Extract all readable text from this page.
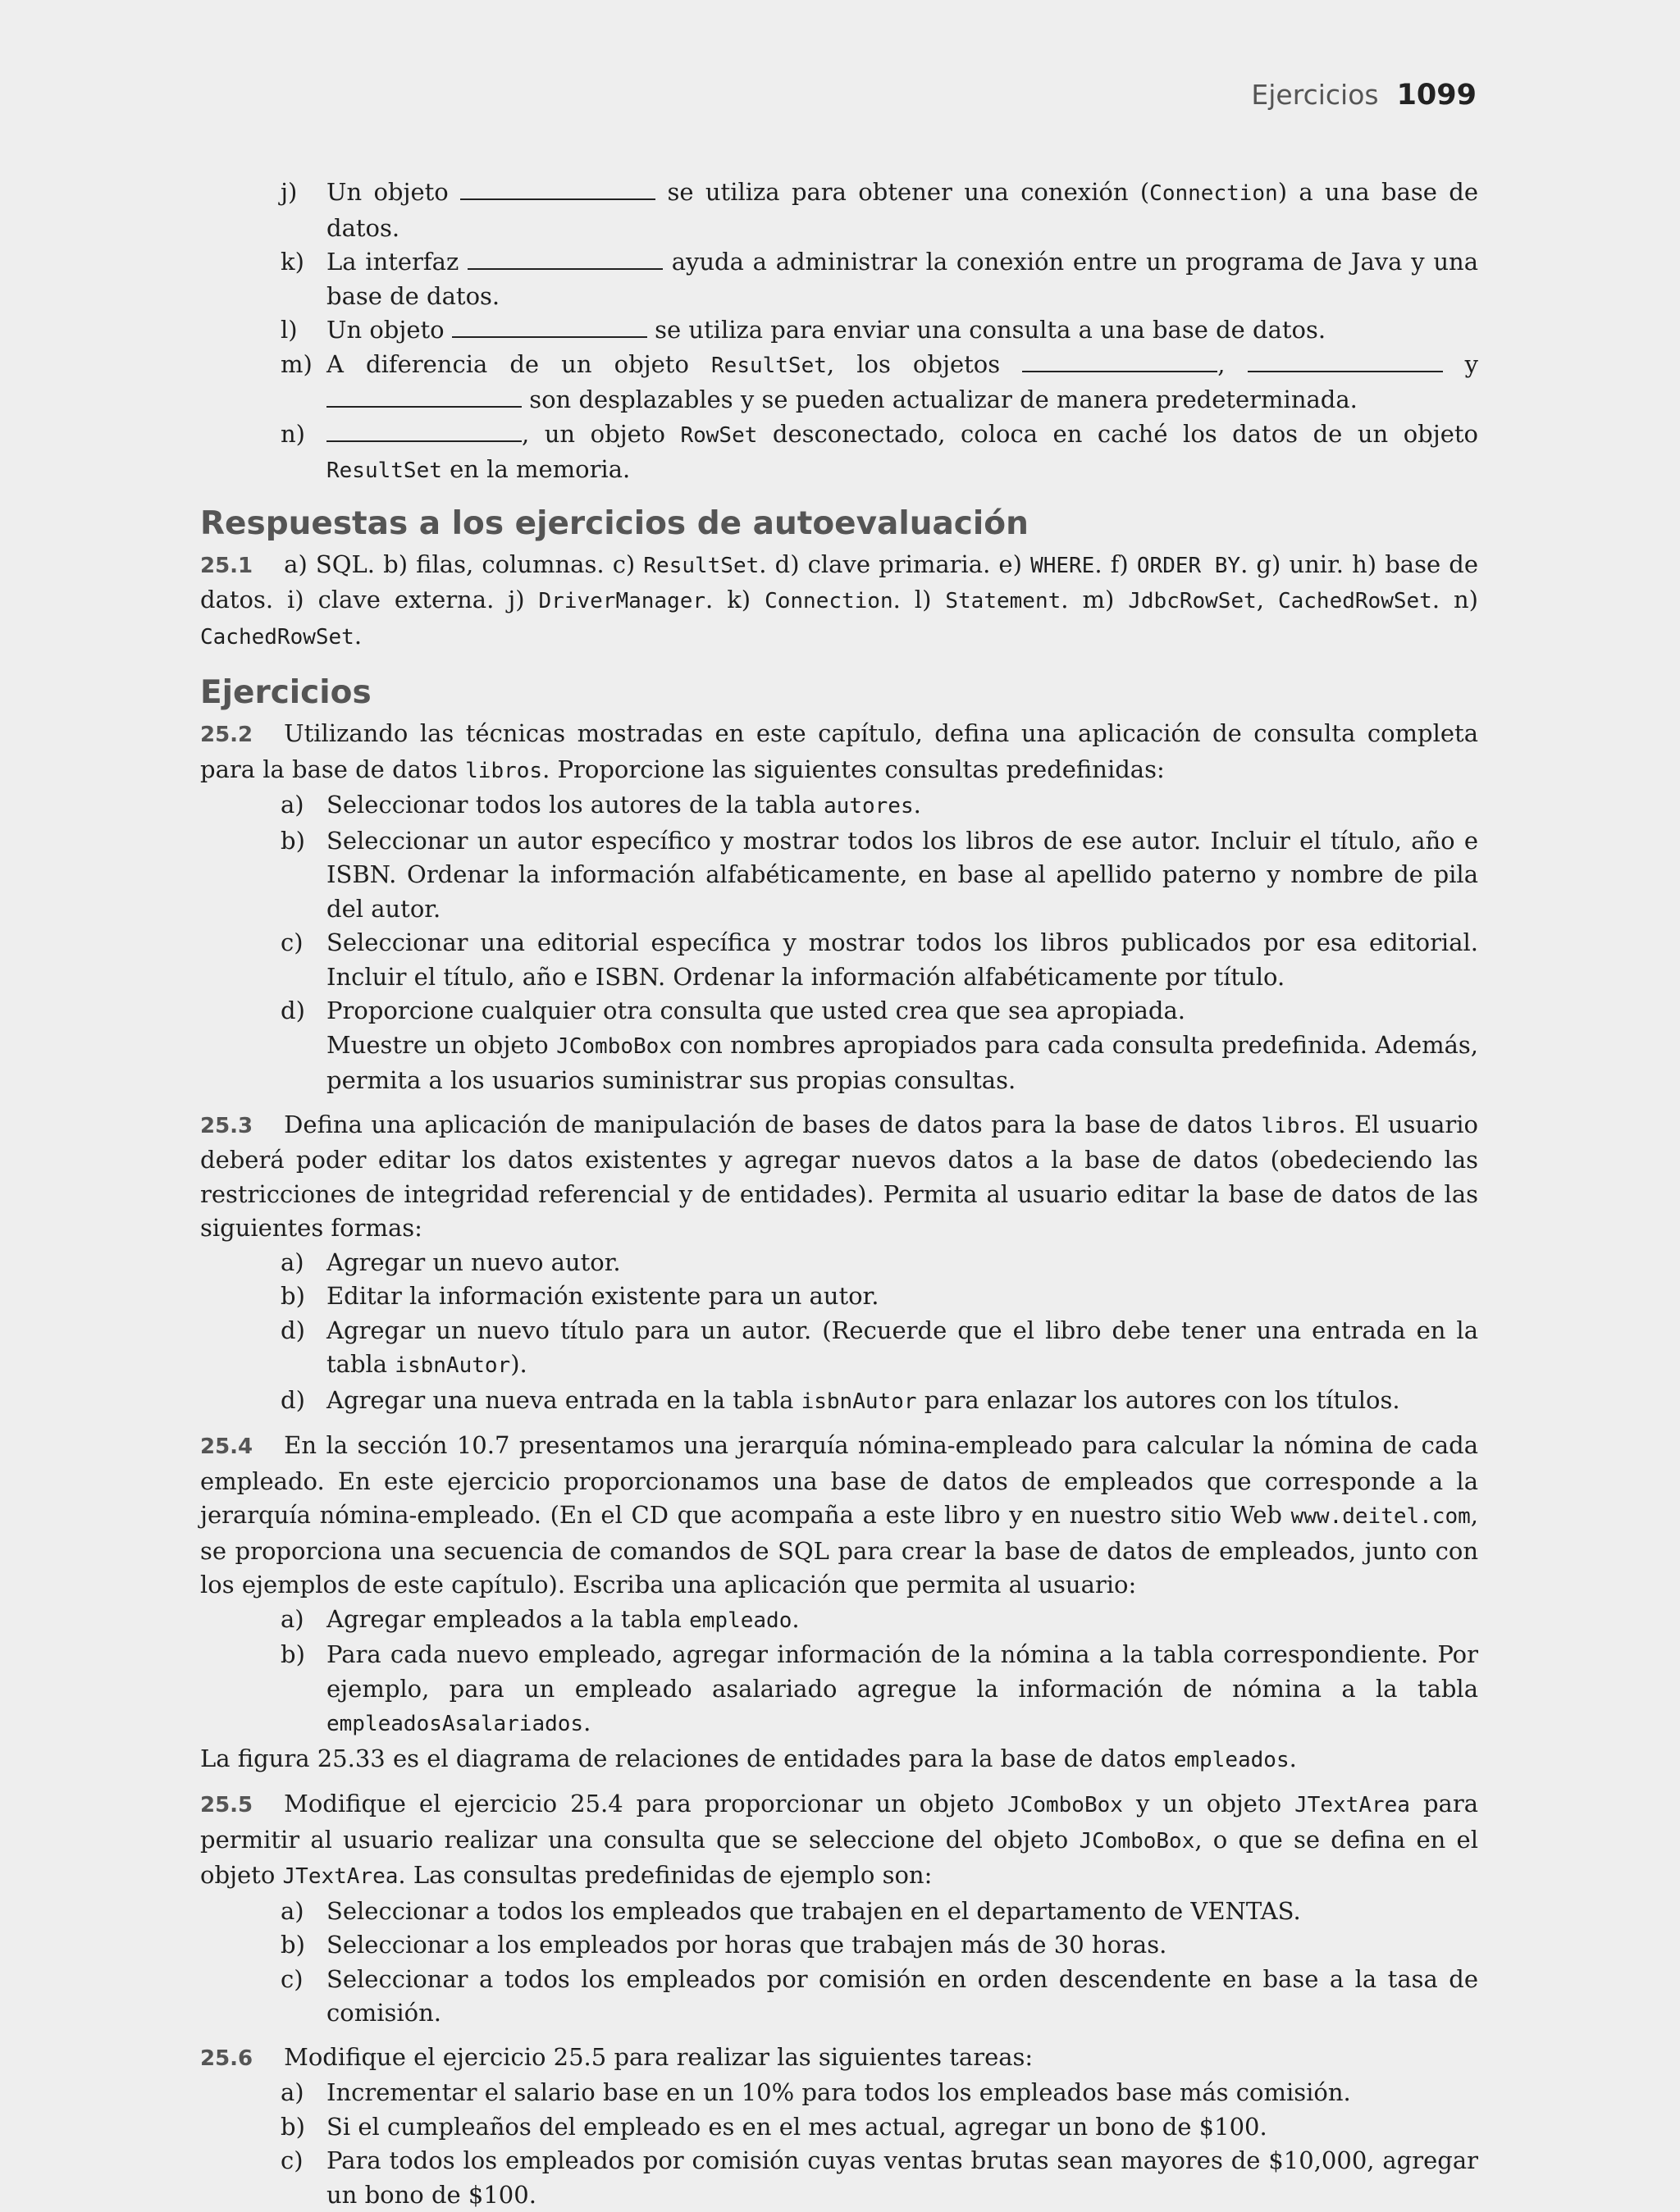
Ejercicios 1099
j)	Un objeto	se utiliza para obtener una conexión (Connection) a una base de datos.
k) La interfaz	ayuda a administrar la conexión entre un programa de Java y una base de datos.
l)	Un objeto	se utiliza para enviar una consulta a una base de datos.
m) A diferencia de un objeto ResultSet, los objetos	,	y  son desplazables y se pueden actualizar de manera predeterminada.
n)	, un objeto RowSet desconectado, coloca en caché los datos de un objeto ResultSet en la memoria.
Respuestas a los ejercicios de autoevaluación
25.1 a) SQL. b) filas, columnas. c) ResultSet. d) clave primaria. e) WHERE. f) ORDER BY. g) unir. h) base de datos. i) clave externa. j) DriverManager. k) Connection. l) Statement. m) JdbcRowSet, CachedRowSet. n) CachedRowSet.
Ejercicios
25.2 Utilizando las técnicas mostradas en este capítulo, defina una aplicación de consulta completa para la base de datos libros. Proporcione las siguientes consultas predefinidas:
a) Seleccionar todos los autores de la tabla autores.
b) Seleccionar un autor específico y mostrar todos los libros de ese autor. Incluir el título, año e ISBN. Ordenar la información alfabéticamente, en base al apellido paterno y nombre de pila del autor.
c) Seleccionar una editorial específica y mostrar todos los libros publicados por esa editorial. Incluir el título, año e ISBN. Ordenar la información alfabéticamente por título.
d) Proporcione cualquier otra consulta que usted crea que sea apropiada.
Muestre un objeto JComboBox con nombres apropiados para cada consulta predefinida. Además, permita a los usuarios suministrar sus propias consultas.
25.3 Defina una aplicación de manipulación de bases de datos para la base de datos libros. El usuario deberá poder editar los datos existentes y agregar nuevos datos a la base de datos (obedeciendo las restricciones de integridad referencial y de entidades). Permita al usuario editar la base de datos de las siguientes formas:
a) Agregar un nuevo autor.
b) Editar la información existente para un autor.
d) Agregar un nuevo título para un autor. (Recuerde que el libro debe tener una entrada en la tabla isbnAutor).
d) Agregar una nueva entrada en la tabla isbnAutor para enlazar los autores con los títulos.
25.4 En la sección 10.7 presentamos una jerarquía nómina-empleado para calcular la nómina de cada empleado. En este ejercicio proporcionamos una base de datos de empleados que corresponde a la jerarquía nómina-empleado. (En el CD que acompaña a este libro y en nuestro sitio Web www.deitel.com, se proporciona una secuencia de comandos de SQL para crear la base de datos de empleados, junto con los ejemplos de este capítulo). Escriba una aplicación que permita al usuario:
a) Agregar empleados a la tabla empleado.
b) Para cada nuevo empleado, agregar información de la nómina a la tabla correspondiente. Por ejemplo, para un empleado asalariado agregue la información de nómina a la tabla empleadosAsalariados.
La figura 25.33 es el diagrama de relaciones de entidades para la base de datos empleados.
25.5 Modifique el ejercicio 25.4 para proporcionar un objeto JComboBox y un objeto JTextArea para permitir al usuario realizar una consulta que se seleccione del objeto JComboBox, o que se defina en el objeto JTextArea. Las consultas predefinidas de ejemplo son:
a) Seleccionar a todos los empleados que trabajen en el departamento de VENTAS.
b) Seleccionar a los empleados por horas que trabajen más de 30 horas.
c) Seleccionar a todos los empleados por comisión en orden descendente en base a la tasa de comisión.
25.6 Modifique el ejercicio 25.5 para realizar las siguientes tareas:
a) Incrementar el salario base en un 10% para todos los empleados base más comisión.
b) Si el cumpleaños del empleado es en el mes actual, agregar un bono de $100.
c) Para todos los empleados por comisión cuyas ventas brutas sean mayores de $10,000, agregar un bono de $100.
